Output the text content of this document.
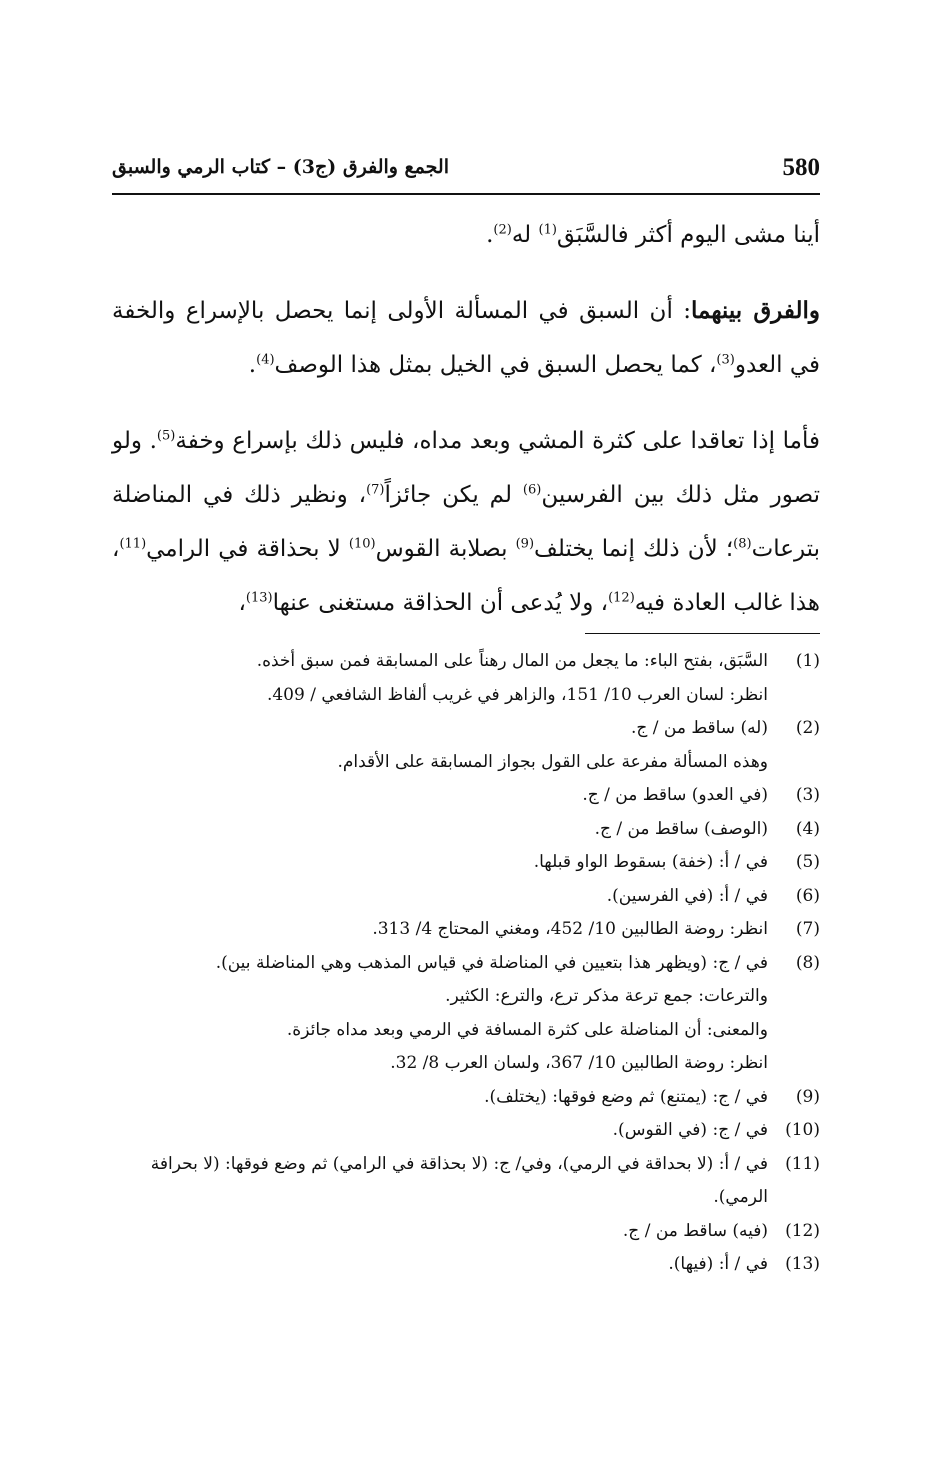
580
الجمع والفرق (ج3) – كتاب الرمي والسبق

أينا مشى اليوم أكثر فالسَّبَق$^{(1)}$ له$^{(2)}$.

والفرق بينهما: أن السبق في المسألة الأولى إنما يحصل بالإسراع والخفة في العدو$^{(3)}$، كما يحصل السبق في الخيل بمثل هذا الوصف$^{(4)}$.

فأما إذا تعاقدا على كثرة المشي وبعد مداه، فليس ذلك بإسراع وخفة$^{(5)}$. ولو تصور مثل ذلك بين الفرسين$^{(6)}$ لم يكن جائزاً$^{(7)}$، ونظير ذلك في المناضلة بترعات$^{(8)}$؛ لأن ذلك إنما يختلف$^{(9)}$ بصلابة القوس$^{(10)}$ لا بحذاقة في الرامي$^{(11)}$، هذا غالب العادة فيه$^{(12)}$، ولا يُدعى أن الحذاقة مستغنى عنها$^{(13)}$،

(1)
السَّبَق، بفتح الباء: ما يجعل من المال رهناً على المسابقة فمن سبق أخذه.
انظر: لسان العرب 10/ 151، والزاهر في غريب ألفاظ الشافعي / 409.
(2)
(له) ساقط من / ج.
وهذه المسألة مفرعة على القول بجواز المسابقة على الأقدام.
(3)
(في العدو) ساقط من / ج.
(4)
(الوصف) ساقط من / ج.
(5)
في / أ: (خفة) بسقوط الواو قبلها.
(6)
في / أ: (في الفرسين).
(7)
انظر: روضة الطالبين 10/ 452، ومغني المحتاج 4/ 313.
(8)
في / ج: (ويظهر هذا بتعيين في المناضلة في قياس المذهب وهي المناضلة بين).
والترعات: جمع ترعة مذكر ترع، والترع: الكثير.
والمعنى: أن المناضلة على كثرة المسافة في الرمي وبعد مداه جائزة.
انظر: روضة الطالبين 10/ 367، ولسان العرب 8/ 32.
(9)
في / ج: (يمتنع) ثم وضع فوقها: (يختلف).
(10)
في / ج: (في القوس).
(11)
في / أ: (لا بحداقة في الرمي)، وفي/ ج: (لا بحذاقة في الرامي) ثم وضع فوقها: (لا بحرافة الرمي).
(12)
(فيه) ساقط من / ج.
(13)
في / أ: (فيها).
